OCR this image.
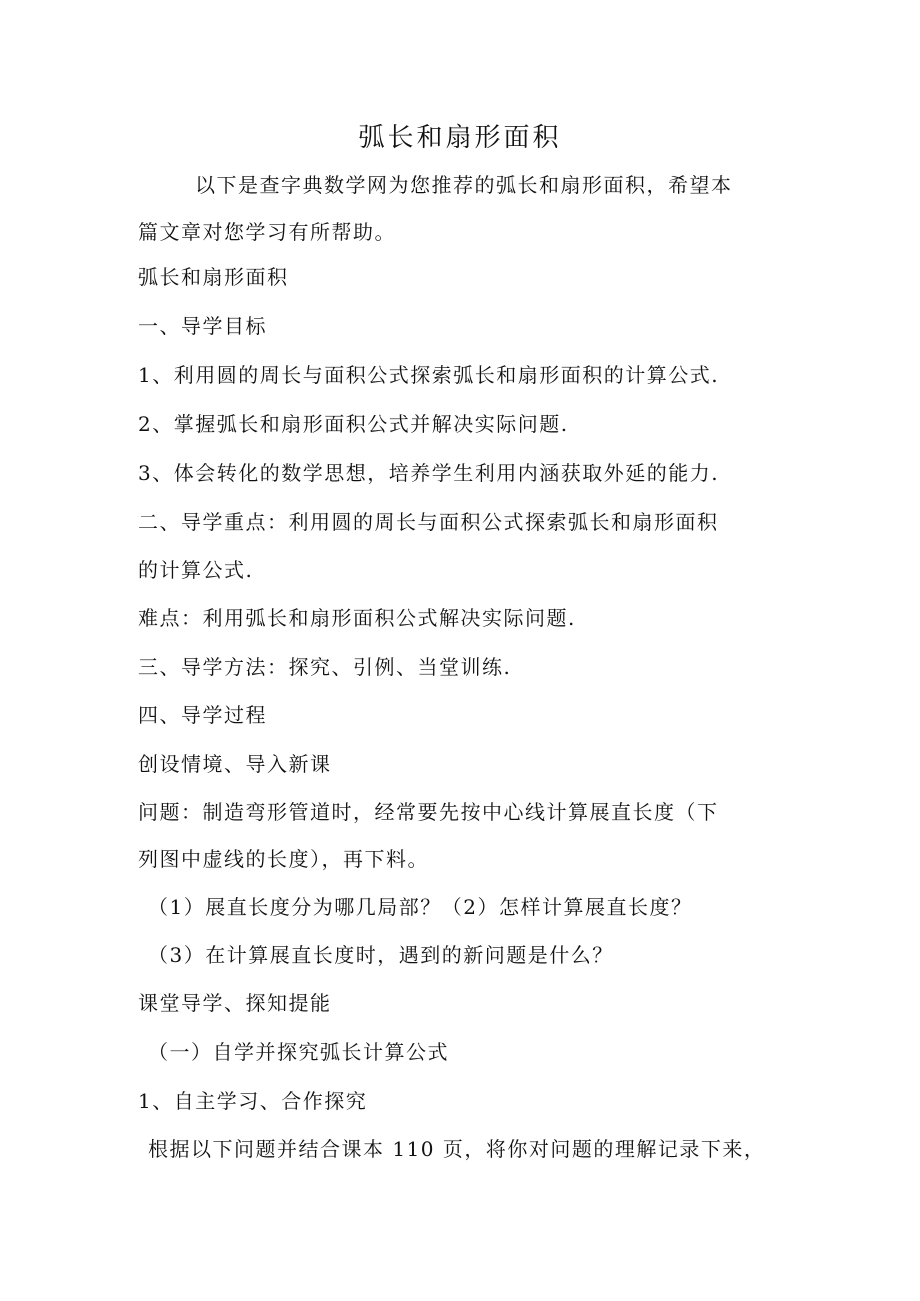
弧长和扇形面积
以下是查字典数学网为您推荐的弧长和扇形面积，希望本
篇文章对您学习有所帮助。
弧长和扇形面积
一、导学目标
1、利用圆的周长与面积公式探索弧长和扇形面积的计算公式.
2、掌握弧长和扇形面积公式并解决实际问题.
3、体会转化的数学思想，培养学生利用内涵获取外延的能力.
二、导学重点：利用圆的周长与面积公式探索弧长和扇形面积
的计算公式.
难点：利用弧长和扇形面积公式解决实际问题.
三、导学方法：探究、引例、当堂训练.
四、导学过程
创设情境、导入新课
问题：制造弯形管道时，经常要先按中心线计算展直长度（下
列图中虚线的长度），再下料。
（1）展直长度分为哪几局部？（2）怎样计算展直长度？
（3）在计算展直长度时，遇到的新问题是什么？
课堂导学、探知提能
（一）自学并探究弧长计算公式
1、自主学习、合作探究
根据以下问题并结合课本 110 页，将你对问题的理解记录下来，
